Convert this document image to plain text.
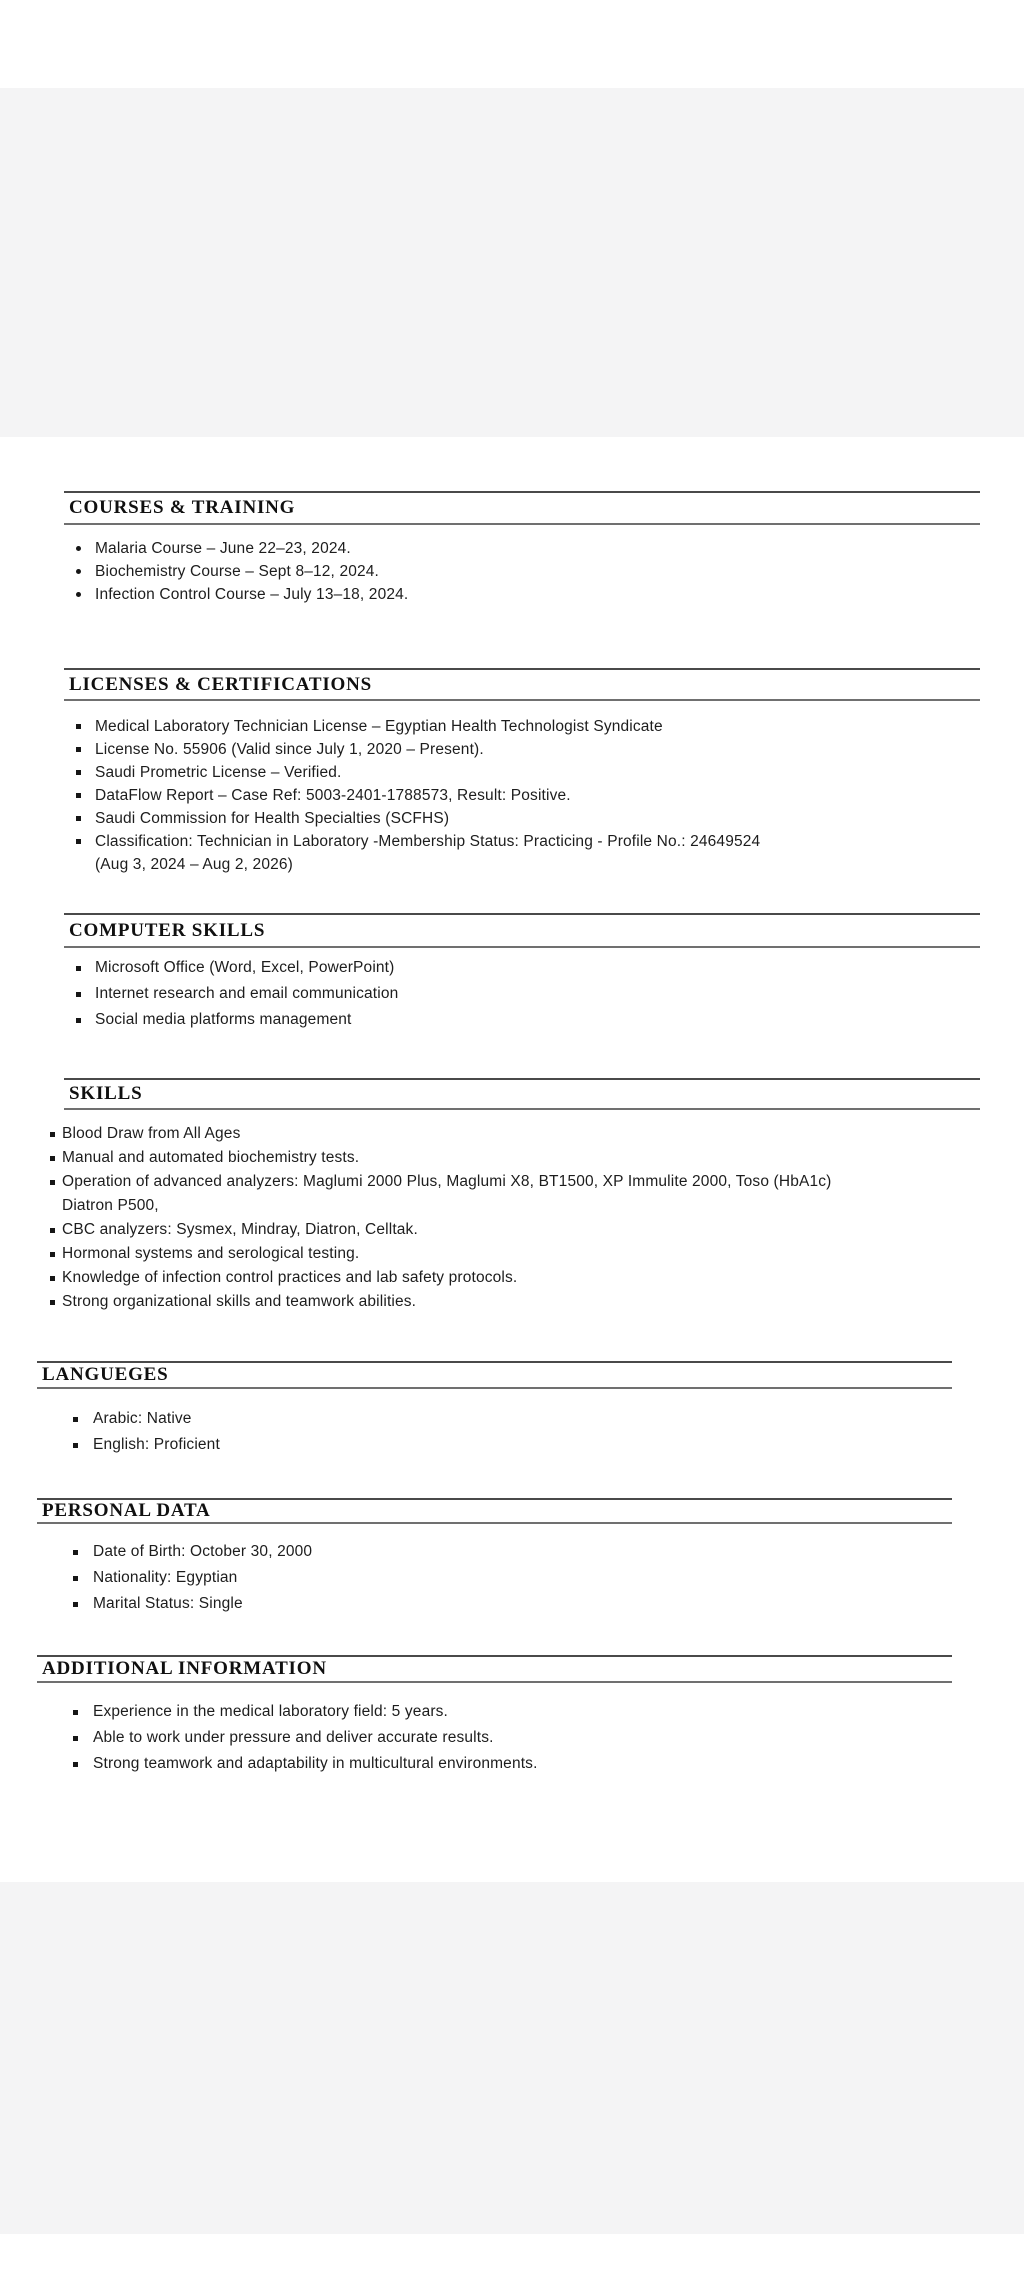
COURSES & TRAINING
Malaria Course – June 22–23, 2024.
Biochemistry Course – Sept 8–12, 2024.
Infection Control Course – July 13–18, 2024.
LICENSES & CERTIFICATIONS
Medical Laboratory Technician License – Egyptian Health Technologist Syndicate
License No. 55906 (Valid since July 1, 2020 – Present).
Saudi Prometric License – Verified.
DataFlow Report – Case Ref: 5003-2401-1788573, Result: Positive.
Saudi Commission for Health Specialties (SCFHS)
Classification: Technician in Laboratory -Membership Status: Practicing - Profile No.: 24649524
(Aug 3, 2024 – Aug 2, 2026)
COMPUTER SKILLS
Microsoft Office (Word, Excel, PowerPoint)
Internet research and email communication
Social media platforms management
SKILLS
Blood Draw from All Ages
Manual and automated biochemistry tests.
Operation of advanced analyzers: Maglumi 2000 Plus, Maglumi X8, BT1500, XP Immulite 2000, Toso (HbA1c)
Diatron P500,
CBC analyzers: Sysmex, Mindray, Diatron, Celltak.
Hormonal systems and serological testing.
Knowledge of infection control practices and lab safety protocols.
Strong organizational skills and teamwork abilities.
LANGUEGES
Arabic: Native
English: Proficient
PERSONAL DATA
Date of Birth: October 30, 2000
Nationality: Egyptian
Marital Status: Single
ADDITIONAL INFORMATION
Experience in the medical laboratory field: 5 years.
Able to work under pressure and deliver accurate results.
Strong teamwork and adaptability in multicultural environments.
